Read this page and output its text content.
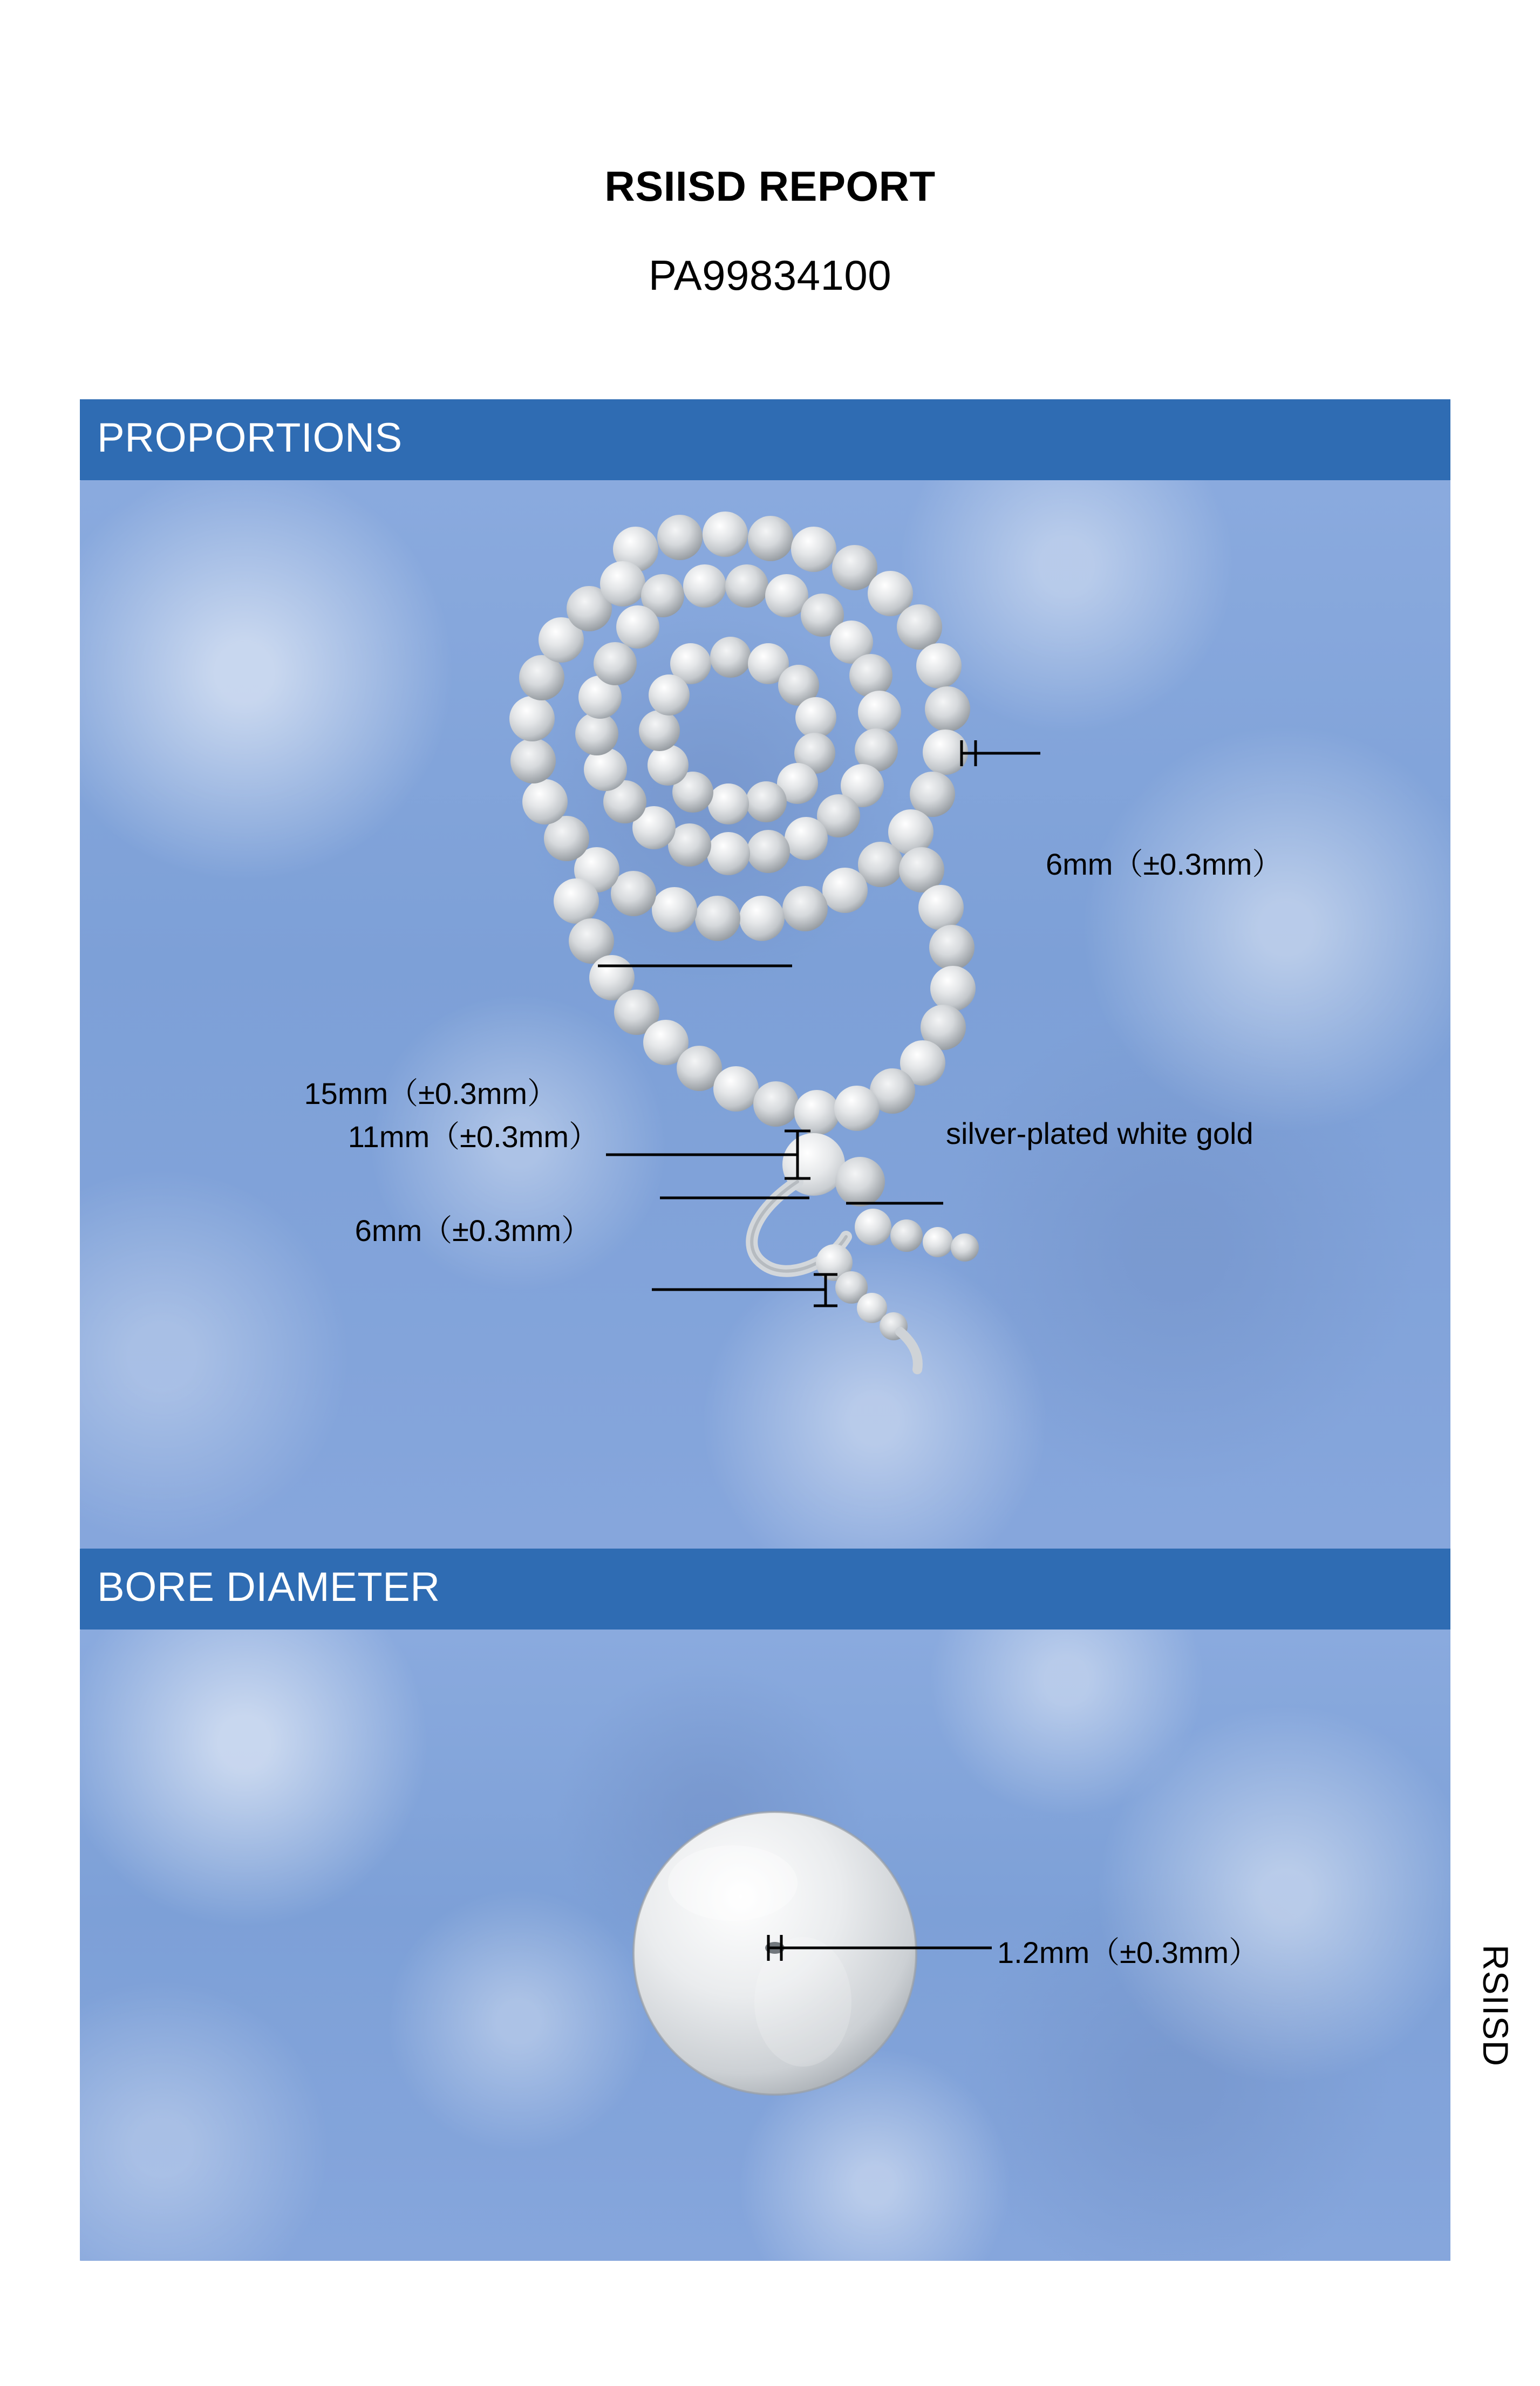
RSIISD REPORT
PA99834100
PROPORTIONS
6mm（±0.3mm）
15mm（±0.3mm）
11mm（±0.3mm）	silver-plated white gold
6mm（±0.3mm）
BORE DIAMETER
1.2mm（±0.3mm）	RSIISD
